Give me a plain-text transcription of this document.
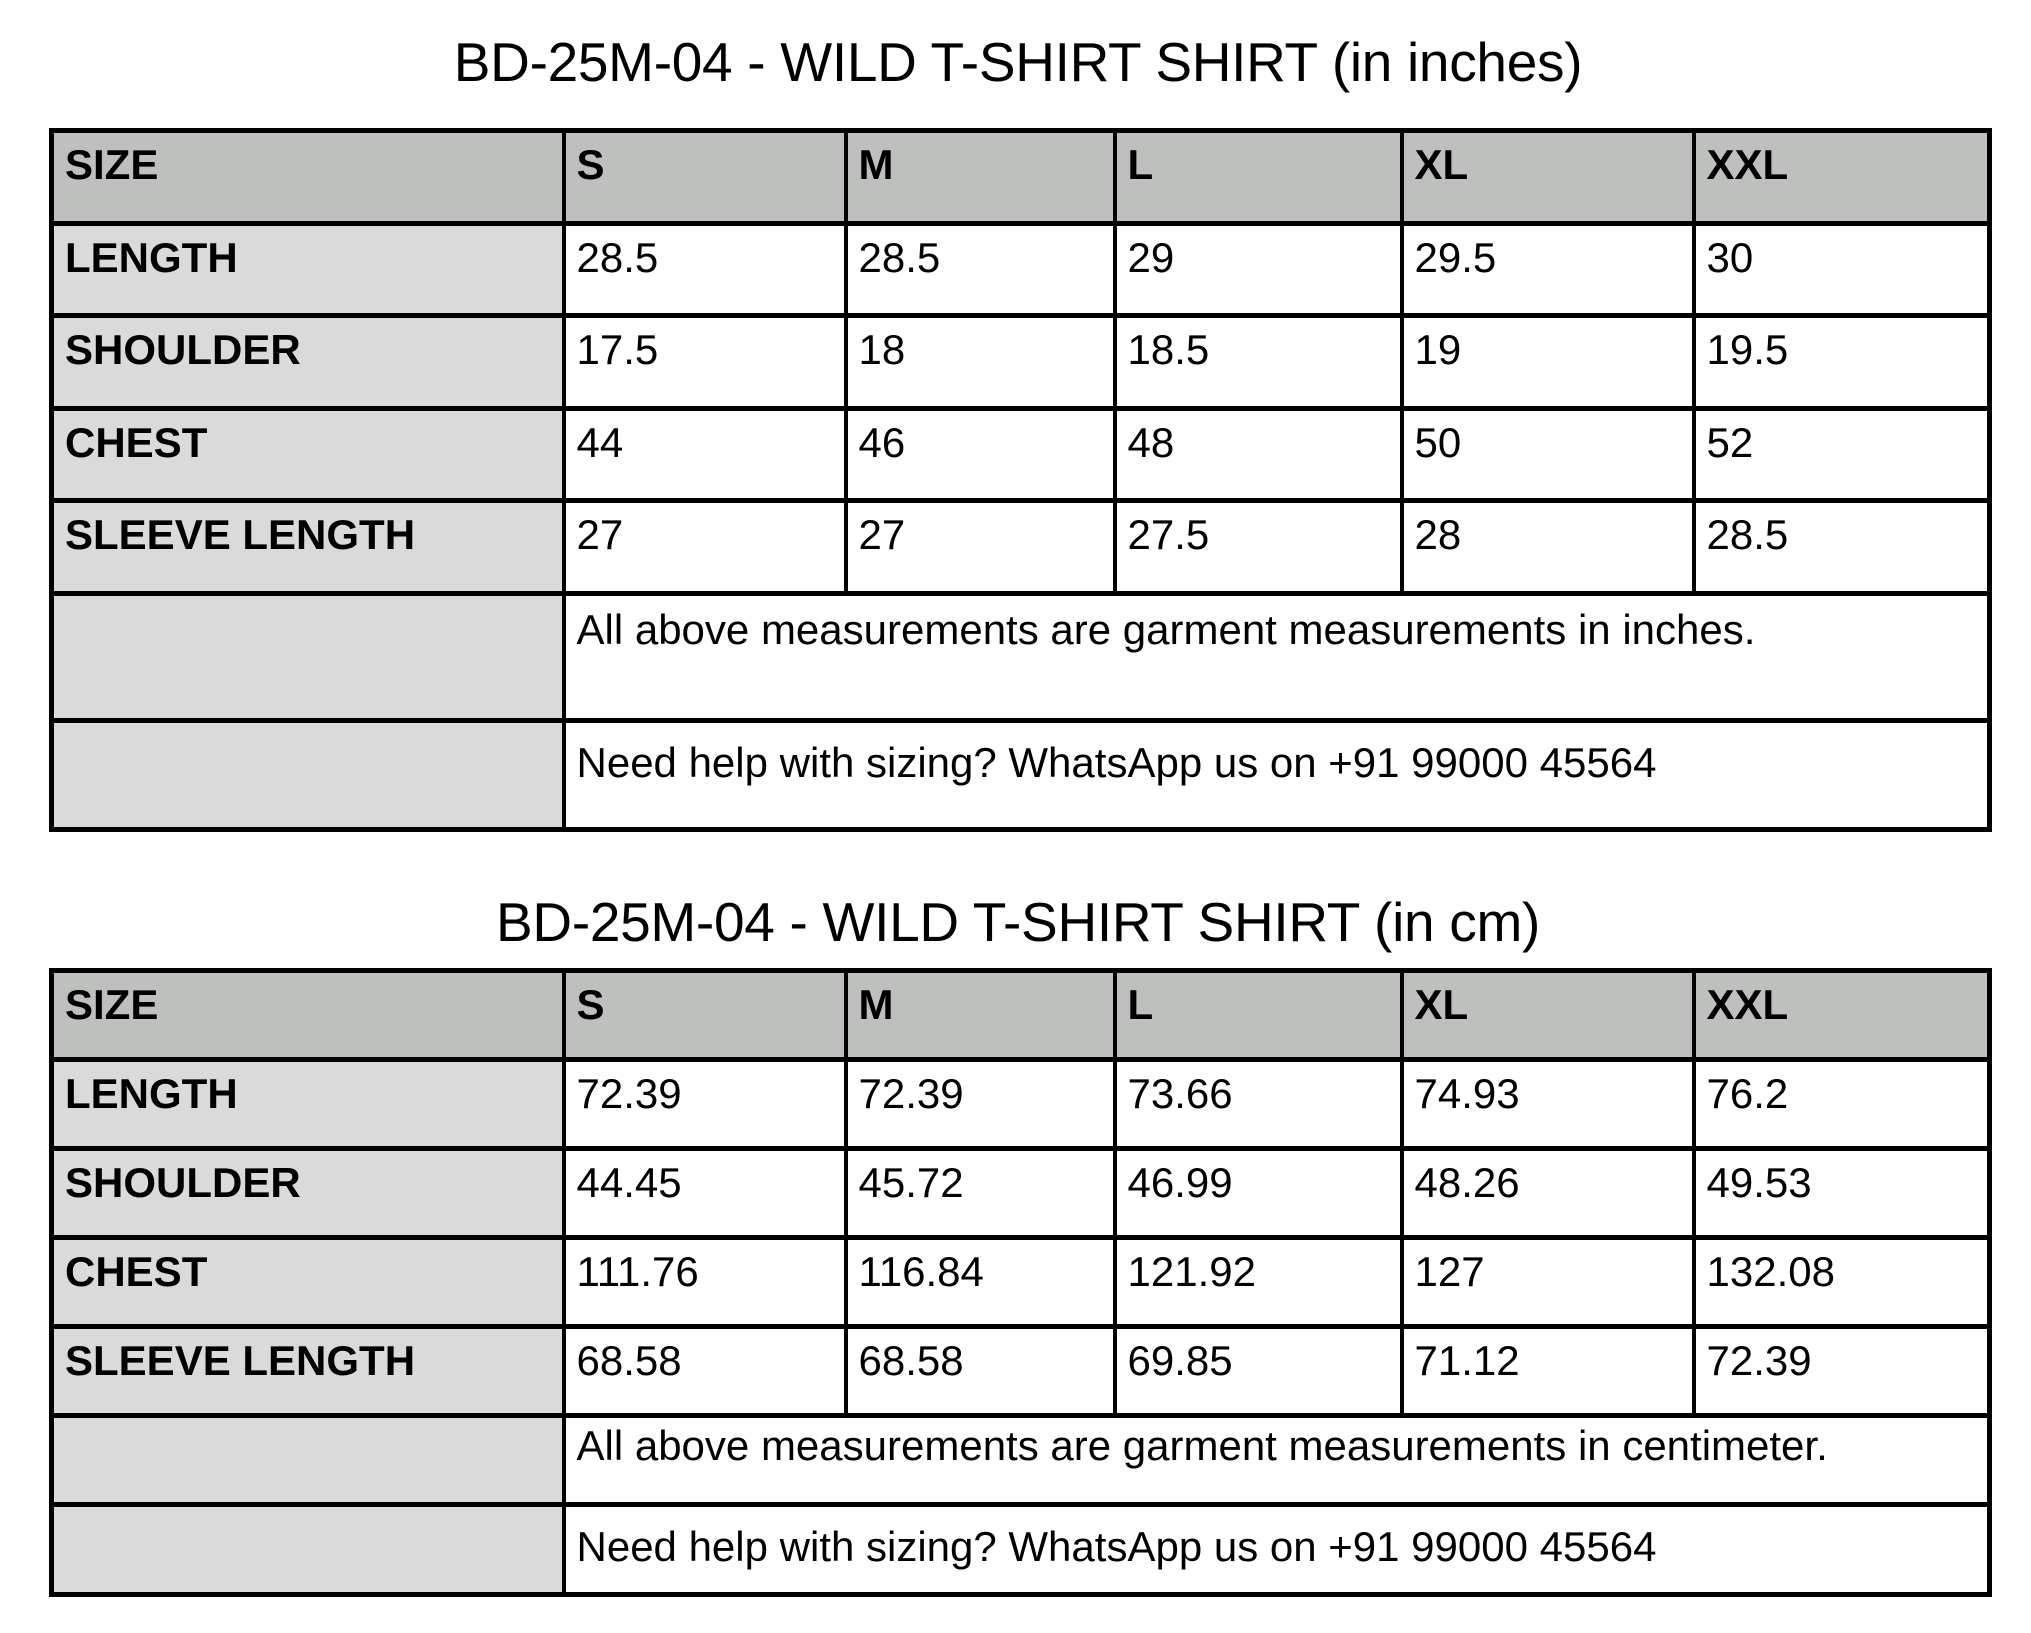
BD-25M-04 - WILD T-SHIRT SHIRT (in inches)
SIZE	S	M	L	XL	XXL

LENGTH	28.5	28.5	29	29.5	30

SHOULDER	17.5	18	18.5	19	19.5

CHEST	44	46	48	50	52

SLEEVE LENGTH	27	27	27.5	28	28.5

	All above measurements are garment measurements in inches.				

	Need help with sizing? WhatsApp us on +91 99000 45564				
BD-25M-04 - WILD T-SHIRT SHIRT (in cm)
SIZE	S	M	L	XL	XXL

LENGTH	72.39	72.39	73.66	74.93	76.2

SHOULDER	44.45	45.72	46.99	48.26	49.53

CHEST	111.76	116.84	121.92	127	132.08

SLEEVE LENGTH	68.58	68.58	69.85	71.12	72.39

	All above measurements are garment measurements in centimeter.				

	Need help with sizing? WhatsApp us on +91 99000 45564				
